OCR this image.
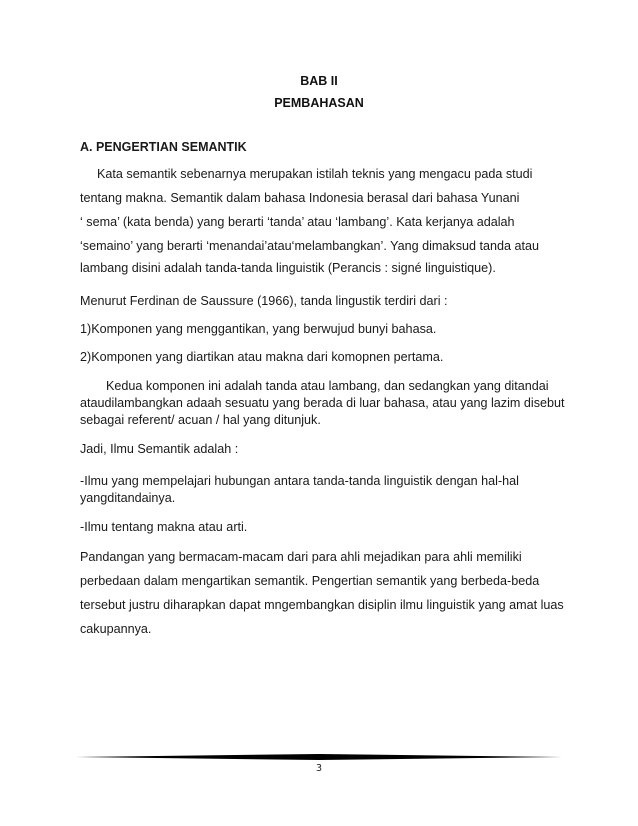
BAB II
PEMBAHASAN
A. PENGERTIAN SEMANTIK
Kata semantik sebenarnya merupakan istilah teknis yang mengacu pada studi
tentang makna. Semantik dalam bahasa Indonesia berasal dari bahasa Yunani
‘ sema’ (kata benda) yang berarti ‘tanda’ atau ‘lambang’. Kata kerjanya adalah
‘semaino’ yang berarti ‘menandai’atau‘melambangkan’. Yang dimaksud tanda atau
lambang disini adalah tanda-tanda linguistik (Perancis : signé linguistique).
Menurut Ferdinan de Saussure (1966), tanda lingustik terdiri dari :
1)Komponen yang menggantikan, yang berwujud bunyi bahasa.
2)Komponen yang diartikan atau makna dari komopnen pertama.
Kedua komponen ini adalah tanda atau lambang, dan sedangkan yang ditandai
ataudilambangkan adaah sesuatu yang berada di luar bahasa, atau yang lazim disebut
sebagai referent/ acuan / hal yang ditunjuk.
Jadi, Ilmu Semantik adalah :
-Ilmu yang mempelajari hubungan antara tanda-tanda linguistik dengan hal-hal
yangditandainya.
-Ilmu tentang makna atau arti.
Pandangan yang bermacam-macam dari para ahli mejadikan para ahli memiliki
perbedaan dalam mengartikan semantik. Pengertian semantik yang berbeda-beda
tersebut justru diharapkan dapat mngembangkan disiplin ilmu linguistik yang amat luas
cakupannya.
3
